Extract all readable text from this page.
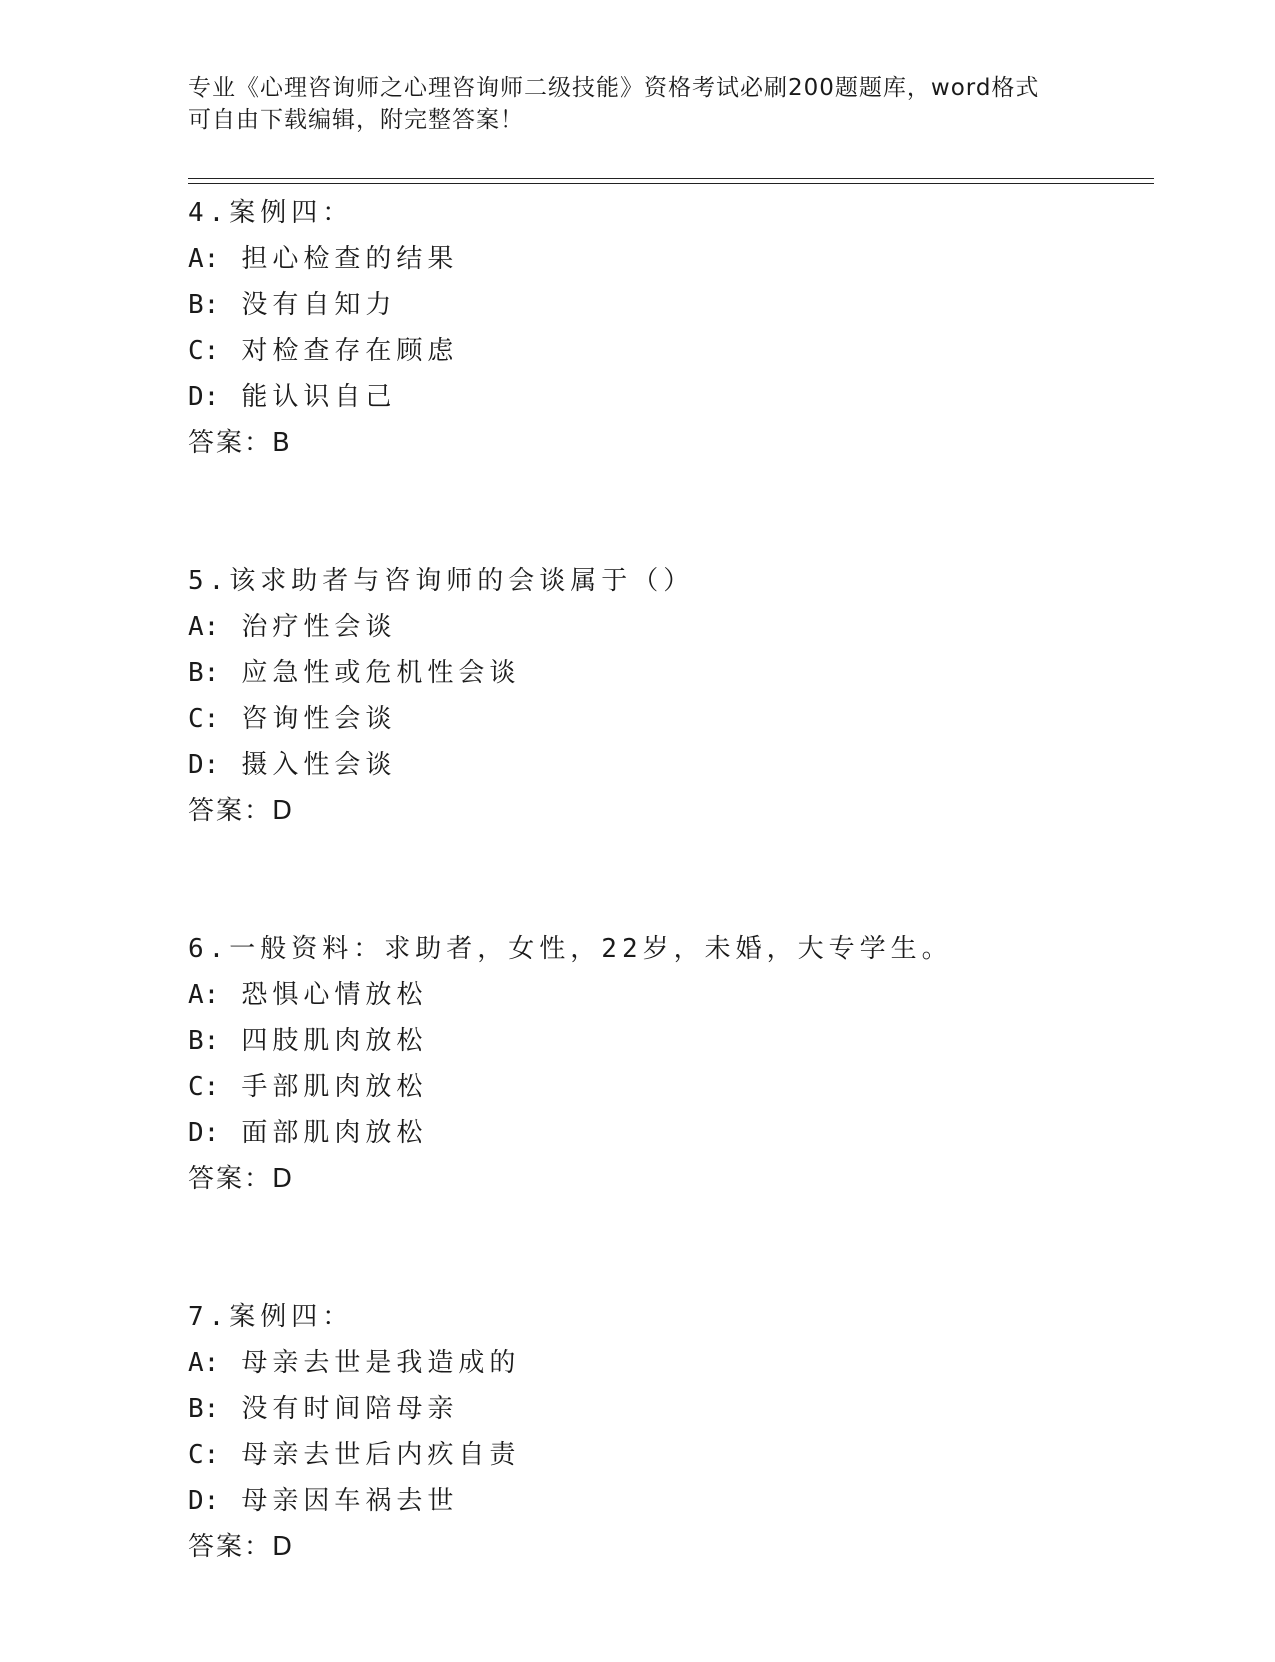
专业《心理咨询师之心理咨询师二级技能》资格考试必刷200题题库，word格式
可自由下载编辑，附完整答案！
4.案例四：
A: 担心检查的结果
B: 没有自知力
C: 对检查存在顾虑
D: 能认识自己
答案：B
5.该求助者与咨询师的会谈属于（）
A: 治疗性会谈
B: 应急性或危机性会谈
C: 咨询性会谈
D: 摄入性会谈
答案：D
6.一般资料：求助者，女性，22岁，未婚，大专学生。
A: 恐惧心情放松
B: 四肢肌肉放松
C: 手部肌肉放松
D: 面部肌肉放松
答案：D
7.案例四：
A: 母亲去世是我造成的
B: 没有时间陪母亲
C: 母亲去世后内疚自责
D: 母亲因车祸去世
答案：D
